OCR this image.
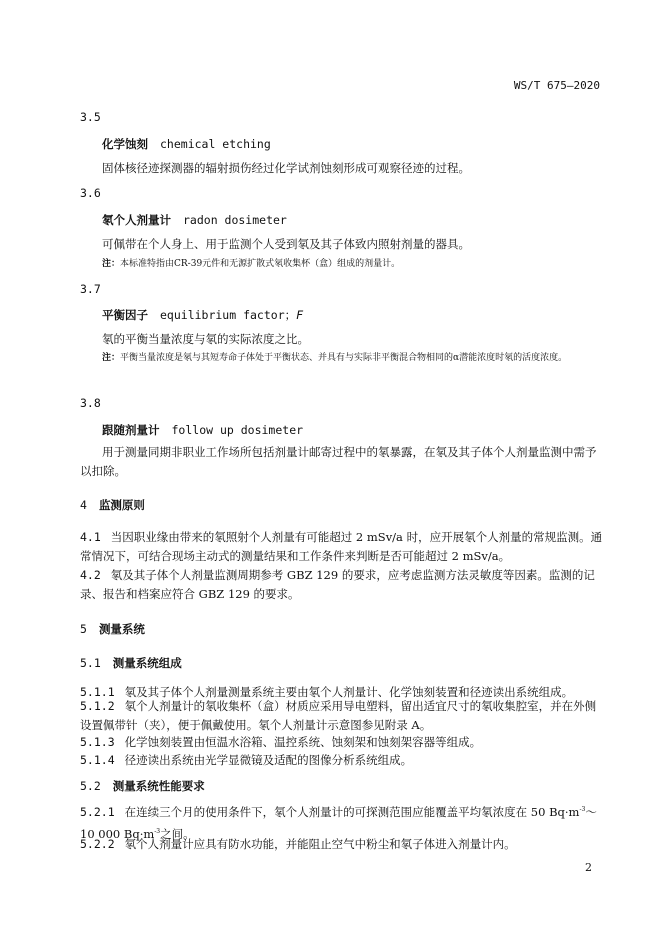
WS/T 675—2020
3.5
化学蚀刻 chemical etching
固体核径迹探测器的辐射损伤经过化学试剂蚀刻形成可观察径迹的过程。
3.6
氡个人剂量计 radon dosimeter
可佩带在个人身上、用于监测个人受到氡及其子体致内照射剂量的器具。
注：本标准特指由CR-39元件和无源扩散式氡收集杯（盒）组成的剂量计。
3.7
平衡因子 equilibrium factor；F
氡的平衡当量浓度与氡的实际浓度之比。
注：平衡当量浓度是氡与其短寿命子体处于平衡状态、并具有与实际非平衡混合物相同的α潜能浓度时氡的活度浓度。
3.8
跟随剂量计 follow up dosimeter
用于测量同期非职业工作场所包括剂量计邮寄过程中的氡暴露，在氡及其子体个人剂量监测中需予以扣除。
4 监测原则
4.1 当因职业缘由带来的氡照射个人剂量有可能超过 2 mSv/a 时，应开展氡个人剂量的常规监测。通常情况下，可结合现场主动式的测量结果和工作条件来判断是否可能超过 2 mSv/a。
4.2 氡及其子体个人剂量监测周期参考 GBZ 129 的要求，应考虑监测方法灵敏度等因素。监测的记录、报告和档案应符合 GBZ 129 的要求。
5 测量系统
5.1 测量系统组成
5.1.1 氡及其子体个人剂量测量系统主要由氡个人剂量计、化学蚀刻装置和径迹读出系统组成。
5.1.2 氡个人剂量计的氡收集杯（盒）材质应采用导电塑料，留出适宜尺寸的氡收集腔室，并在外侧设置佩带针（夹），便于佩戴使用。氡个人剂量计示意图参见附录 A。
5.1.3 化学蚀刻装置由恒温水浴箱、温控系统、蚀刻架和蚀刻架容器等组成。
5.1.4 径迹读出系统由光学显微镜及适配的图像分析系统组成。
5.2 测量系统性能要求
5.2.1 在连续三个月的使用条件下，氡个人剂量计的可探测范围应能覆盖平均氡浓度在 50 $Bq\cdot m^{-3}\sim 10$ 000 $Bq\cdot m^{-3}$之间。
5.2.2 氡个人剂量计应具有防水功能，并能阻止空气中粉尘和氡子体进入剂量计内。
2
